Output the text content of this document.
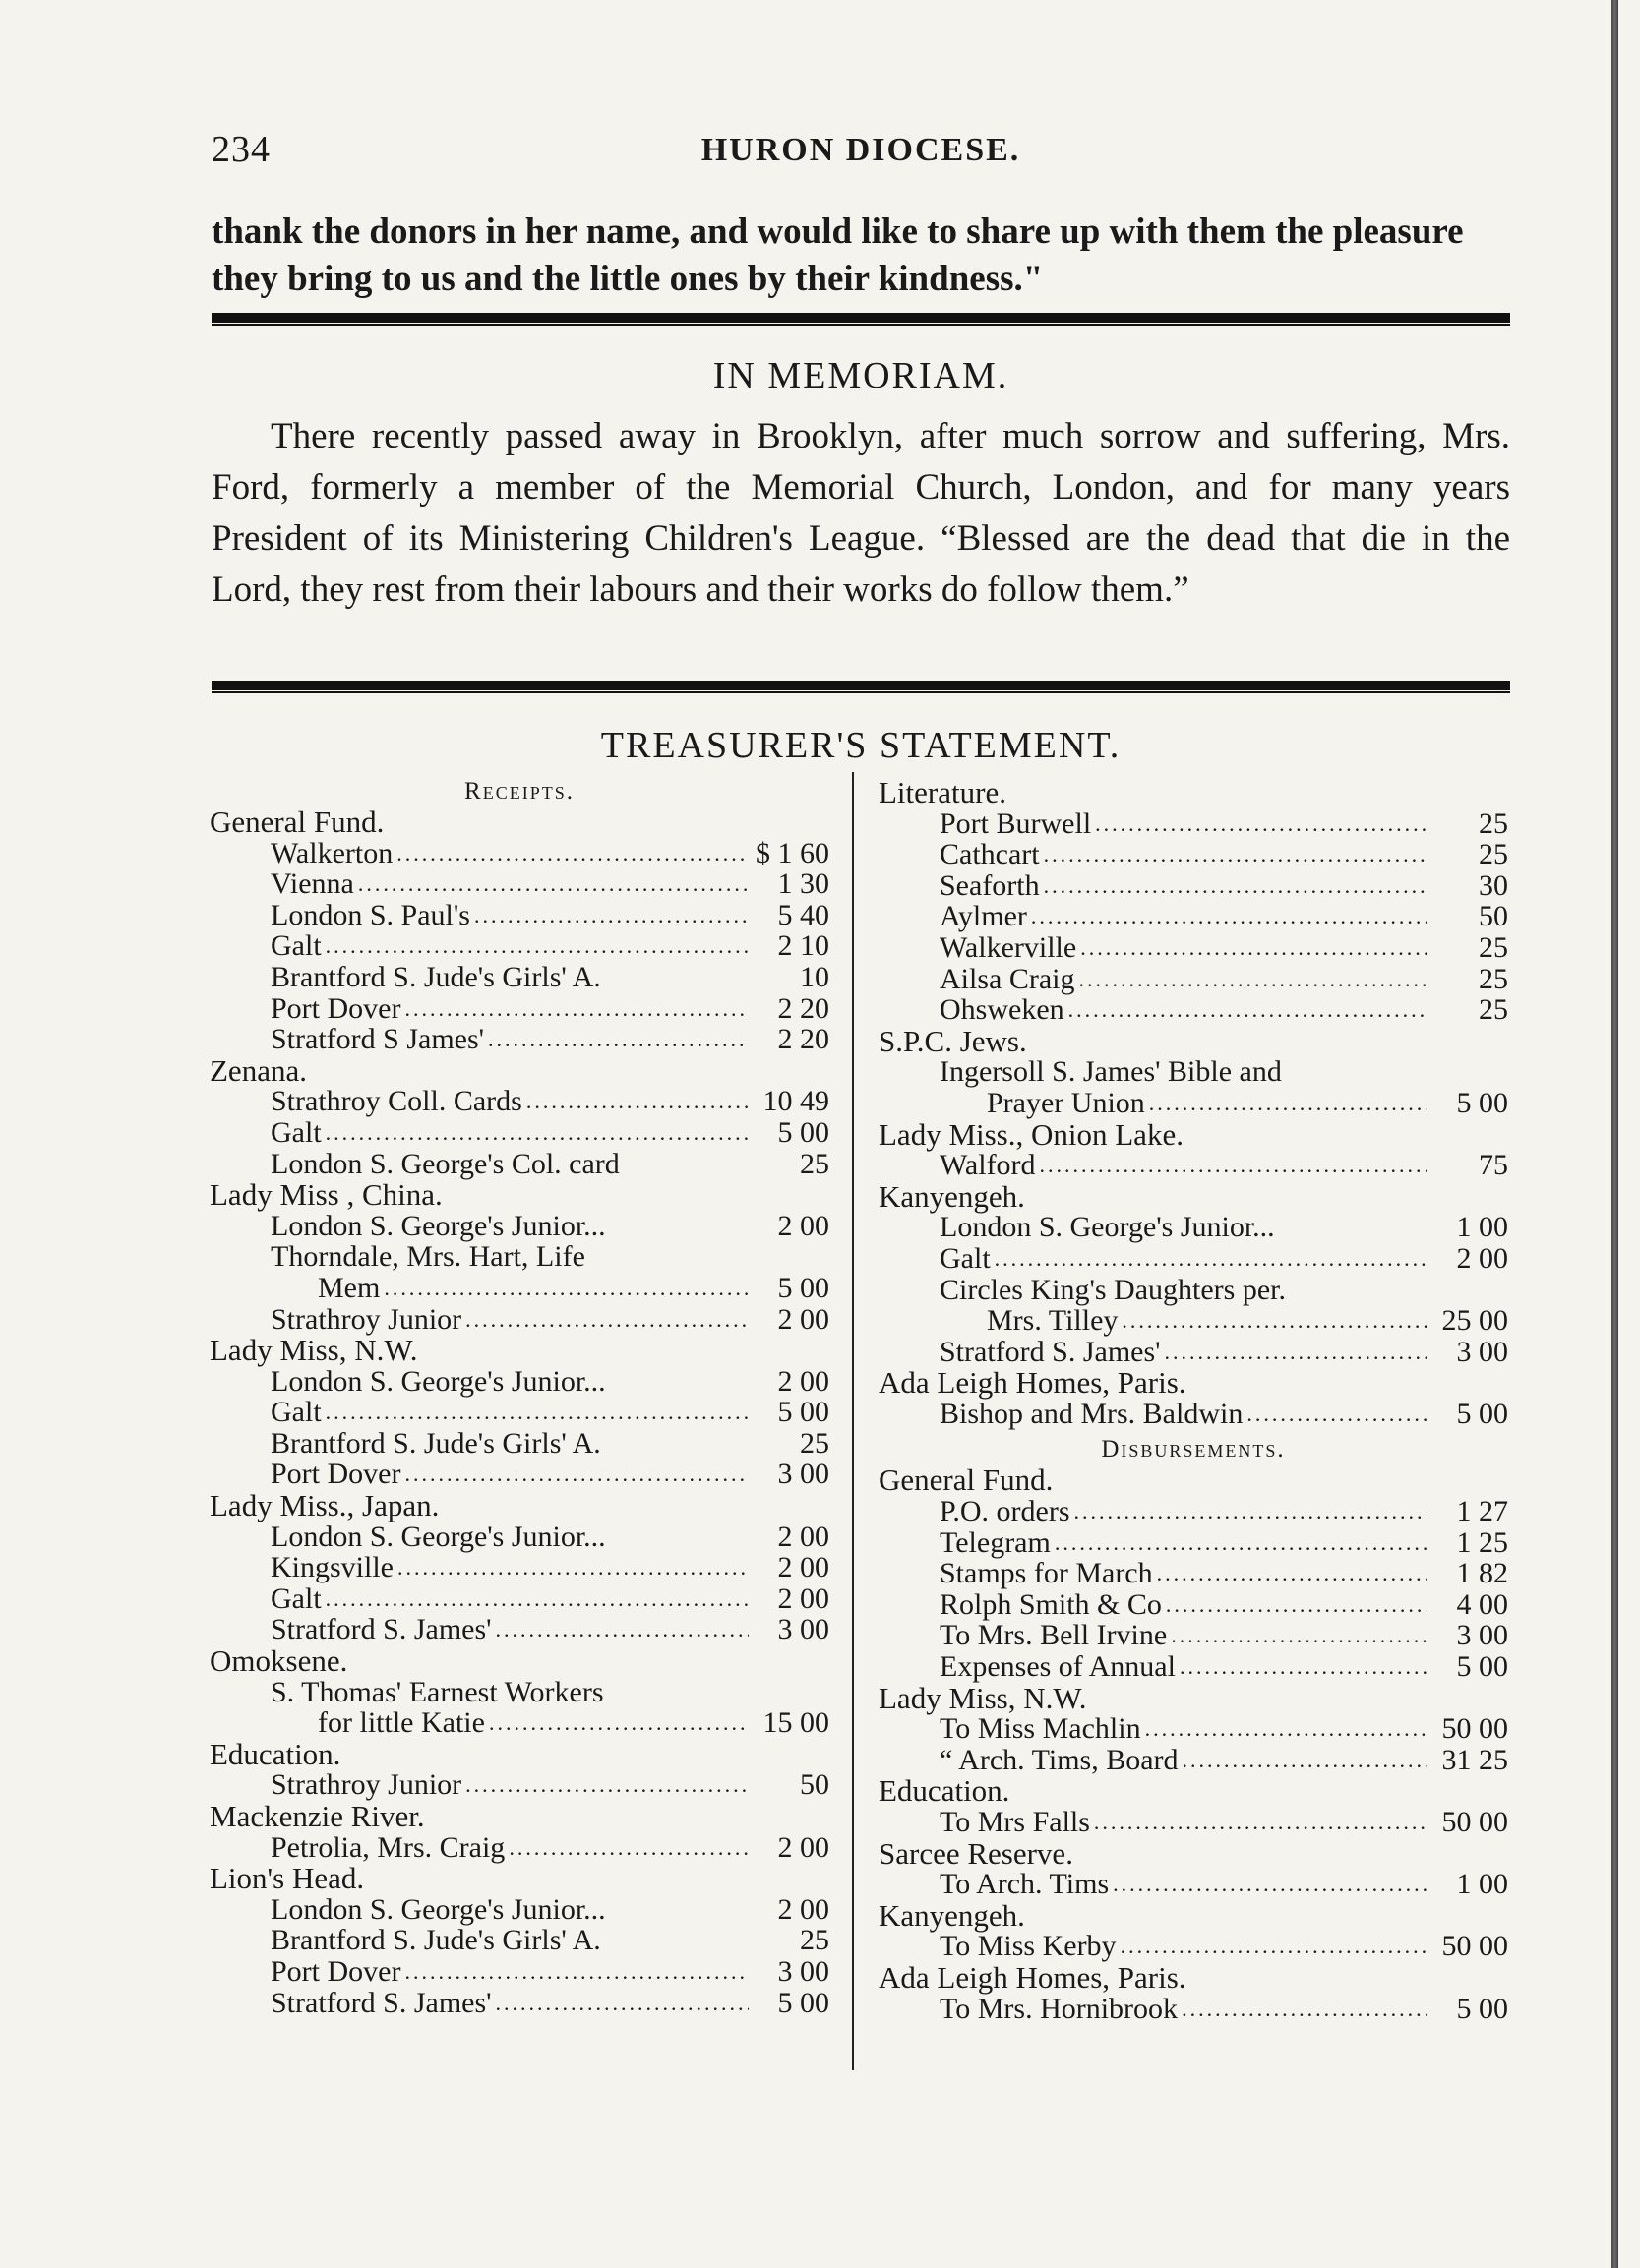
234	HURON DIOCESE.
thank the donors in her name, and would like to share up with them the pleasure they bring to us and the little ones by their kindness."
IN MEMORIAM.
There recently passed away in Brooklyn, after much sorrow and suffering, Mrs. Ford, formerly a member of the Memorial Church, London, and for many years President of its Ministering Children's League. “Blessed are the dead that die in the Lord, they rest from their labours and their works do follow them.”
TREASURER'S STATEMENT.
Receipts.
General Fund.
Walkerton .....	$ 1 60
Vienna .....	1 30
London S. Paul's .....	5 40
Galt .....	2 10
Brantford S. Jude's Girls' A.	10
Port Dover .....	2 20
Stratford S James' .....	2 20
Zenana.
Strathroy Coll. Cards .....	10 49
Galt .....	5 00
London S. George's Col. card	25
Lady Miss , China.
London S. George's Junior...	2 00
Thorndale, Mrs. Hart, Life
Mem .....	5 00
Strathroy Junior .....	2 00
Lady Miss, N.W.
London S. George's Junior...	2 00
Galt .....	5 00
Brantford S. Jude's Girls' A.	25
Port Dover .....	3 00
Lady Miss., Japan.
London S. George's Junior...	2 00
Kingsville .....	2 00
Galt .....	2 00
Stratford S. James' .....	3 00
Omoksene.
S. Thomas' Earnest Workers
for little Katie .....	15 00
Education.
Strathroy Junior .....	50
Mackenzie River.
Petrolia, Mrs. Craig .....	2 00
Lion's Head.
London S. George's Junior...	2 00
Brantford S. Jude's Girls' A.	25
Port Dover .....	3 00
Stratford S. James' .....	5 00
Literature.
Port Burwell .....	25
Cathcart .....	25
Seaforth .....	30
Aylmer .....	50
Walkerville .....	25
Ailsa Craig .....	25
Ohsweken .....	25
S.P.C. Jews.
Ingersoll S. James' Bible and
Prayer Union .....	5 00
Lady Miss., Onion Lake.
Walford .....	75
Kanyengeh.
London S. George's Junior...	1 00
Galt .....	2 00
Circles King's Daughters per.
Mrs. Tilley .....	25 00
Stratford S. James' .....	3 00
Ada Leigh Homes, Paris.
Bishop and Mrs. Baldwin .....	5 00
Disbursements.
General Fund.
P.O. orders .....	1 27
Telegram .....	1 25
Stamps for March .....	1 82
Rolph Smith & Co .....	4 00
To Mrs. Bell Irvine .....	3 00
Expenses of Annual .....	5 00
Lady Miss, N.W.
To Miss Machlin .....	50 00
“ Arch. Tims, Board .....	31 25
Education.
To Mrs Falls .....	50 00
Sarcee Reserve.
To Arch. Tims .....	1 00
Kanyengeh.
To Miss Kerby .....	50 00
Ada Leigh Homes, Paris.
To Mrs. Hornibrook .....	5 00
